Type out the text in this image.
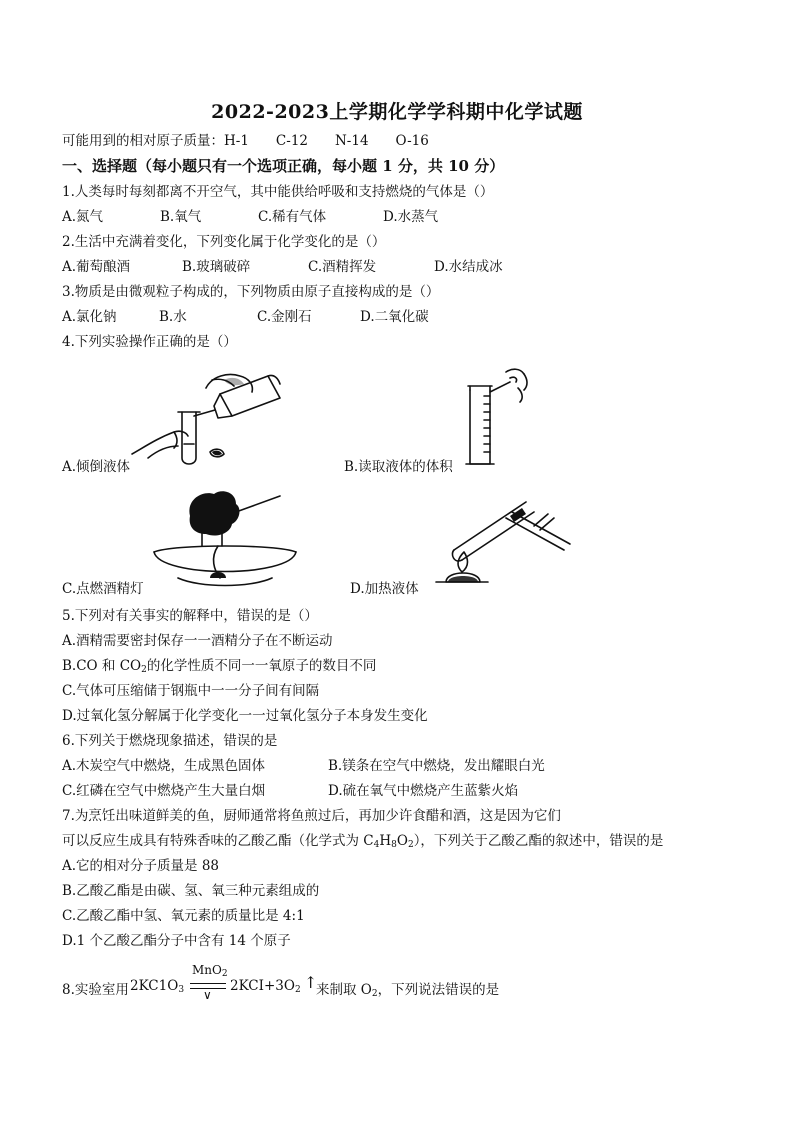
2022-2023上学期化学学科期中化学试题
可能用到的相对原子质量：H-1　　C-12　　N-14　　O-16
一、选择题（每小题只有一个选项正确，每小题 1 分，共 10 分）
1.人类每时每刻都离不开空气，其中能供给呼吸和支持燃烧的气体是（）
A.氮气	B.氧气	C.稀有气体	D.水蒸气
2.生活中充满着变化，下列变化属于化学变化的是（）
A.葡萄酿酒	B.玻璃破碎	C.酒精挥发	D.水结成冰
3.物质是由微观粒子构成的，下列物质由原子直接构成的是（）
A.氯化钠	B.水	C.金刚石	D.二氧化碳
4.下列实验操作正确的是（）
A.倾倒液体	B.读取液体的体积
C.点燃酒精灯	D.加热液体
5.下列对有关事实的解释中，错误的是（）
A.酒精需要密封保存一一酒精分子在不断运动
B.CO 和 $CO_2$的化学性质不同一一氧原子的数目不同
C.气体可压缩储于钢瓶中一一分子间有间隔
D.过氧化氢分解属于化学变化一一过氧化氢分子本身发生变化
6.下列关于燃烧现象描述，错误的是
A.木炭空气中燃烧，生成黑色固体	B.镁条在空气中燃烧，发出耀眼白光
C.红磷在空气中燃烧产生大量白烟	D.硫在氧气中燃烧产生蓝紫火焰
7.为烹饪出味道鲜美的鱼，厨师通常将鱼煎过后，再加少许食醋和酒，这是因为它们
可以反应生成具有特殊香味的乙酸乙酯（化学式为 $C_4H_8O_2$），下列关于乙酸乙酯的叙述中，错误的是
A.它的相对分子质量是 88
B.乙酸乙酯是由碳、氢、氧三种元素组成的
C.乙酸乙酯中氢、氧元素的质量比是 4:1
D.1 个乙酸乙酯分子中含有 14 个原子
8.实验室用 $2KC1O_3$
MnO$_2$
∨
$2KCI+3O_2$ ↑
来制取 $O_2$，下列说法错误的是
